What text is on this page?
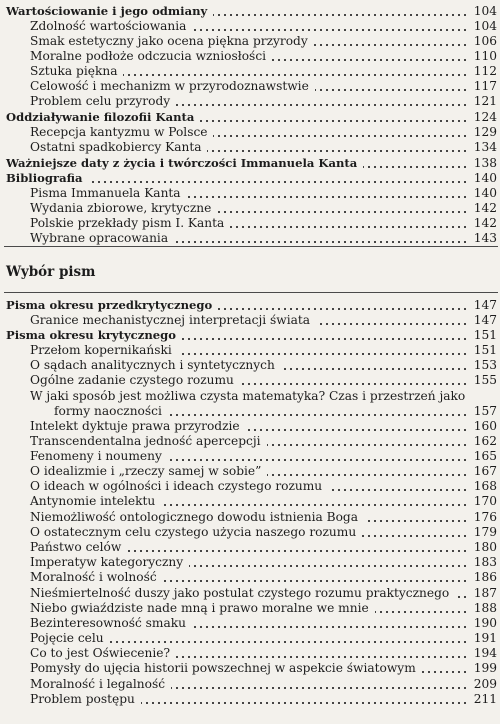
Wartościowanie i jego odmiany	104
Zdolność wartościowania	104
Smak estetyczny jako ocena piękna przyrody	106
Moralne podłoże odczucia wzniosłości	110
Sztuka piękna	112
Celowość i mechanizm w przyrodoznawstwie	117
Problem celu przyrody	121
Oddziaływanie filozofii Kanta	124
Recepcja kantyzmu w Polsce	129
Ostatni spadkobiercy Kanta	134
Ważniejsze daty z życia i twórczości Immanuela Kanta	138
Bibliografia	140
Pisma Immanuela Kanta	140
Wydania zbiorowe, krytyczne	142
Polskie przekłady pism I. Kanta	142
Wybrane opracowania	143
Wybór pism
Pisma okresu przedkrytycznego	147
Granice mechanistycznej interpretacji świata	147
Pisma okresu krytycznego	151
Przełom kopernikański	151
O sądach analitycznych i syntetycznych	153
Ogólne zadanie czystego rozumu	155
W jaki sposób jest możliwa czysta matematyka? Czas i przestrzeń jako
formy naoczności	157
Intelekt dyktuje prawa przyrodzie	160
Transcendentalna jedność apercepcji	162
Fenomeny i noumeny	165
O idealizmie i „rzeczy samej w sobie”	167
O ideach w ogólności i ideach czystego rozumu	168
Antynomie intelektu	170
Niemożliwość ontologicznego dowodu istnienia Boga	176
O ostatecznym celu czystego użycia naszego rozumu	179
Państwo celów	180
Imperatyw kategoryczny	183
Moralność i wolność	186
Nieśmiertelność duszy jako postulat czystego rozumu praktycznego	187
Niebo gwiaździste nade mną i prawo moralne we mnie	188
Bezinteresowność smaku	190
Pojęcie celu	191
Co to jest Oświecenie?	194
Pomysły do ujęcia historii powszechnej w aspekcie światowym	199
Moralność i legalność	209
Problem postępu	211
